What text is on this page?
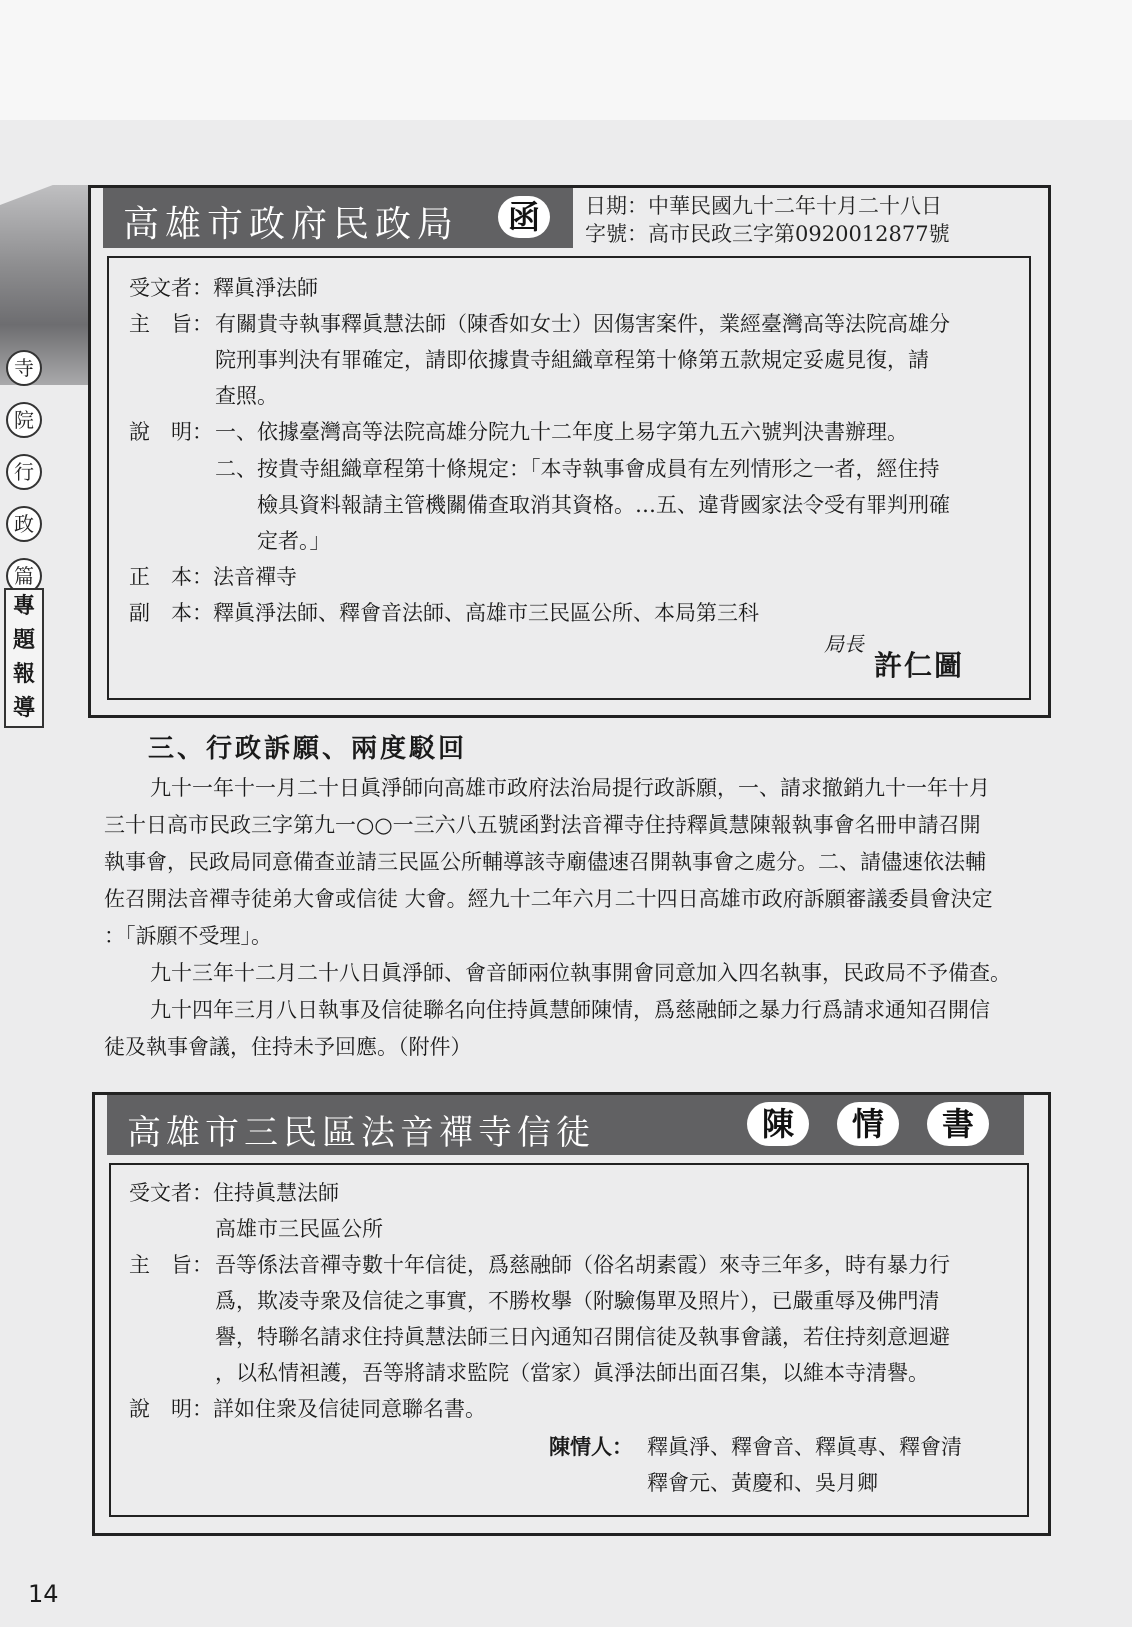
寺
院
行
政
篇
專
題
報
導
高雄市政府民政局	函	日期：中華民國九十二年十月二十八日
字號：高市民政三字第0920012877號
受文者：釋眞淨法師
主　旨： 有關貴寺執事釋眞慧法師（陳香如女士）因傷害案件，業經臺灣高等法院高雄分
院刑事判決有罪確定，請即依據貴寺組織章程第十條第五款規定妥處見復，請
查照。
說　明： 一、依據臺灣高等法院高雄分院九十二年度上易字第九五六號判決書辦理。
二、按貴寺組織章程第十條規定：「本寺執事會成員有左列情形之一者，經住持
檢具資料報請主管機關備查取消其資格。…五、違背國家法令受有罪判刑確
定者。」
正　本：法音禪寺
副　本：釋眞淨法師、釋會音法師、高雄市三民區公所、本局第三科
局長
許仁圖
三、行政訴願、兩度駁回
九十一年十一月二十日眞淨師向高雄市政府法治局提行政訴願，一、請求撤銷九十一年十月
三十日高市民政三字第九一○○一三六八五號函對法音禪寺住持釋眞慧陳報執事會名冊申請召開
執事會，民政局同意備查並請三民區公所輔導該寺廟儘速召開執事會之處分。二、請儘速依法輔
佐召開法音禪寺徒弟大會或信徒 大會。經九十二年六月二十四日高雄市政府訴願審議委員會決定
：「訴願不受理」。
九十三年十二月二十八日眞淨師、會音師兩位執事開會同意加入四名執事，民政局不予備查。
九十四年三月八日執事及信徒聯名向住持眞慧師陳情，爲慈融師之暴力行爲請求通知召開信
徒及執事會議，住持未予回應。（附件）
高雄市三民區法音禪寺信徒	陳	情	書
受文者：住持眞慧法師
高雄市三民區公所
主　旨： 吾等係法音禪寺數十年信徒，爲慈融師（俗名胡素霞）來寺三年多，時有暴力行
爲，欺凌寺衆及信徒之事實，不勝枚擧（附驗傷單及照片），已嚴重辱及佛門清
譽，特聯名請求住持眞慧法師三日內通知召開信徒及執事會議，若住持刻意迴避
，以私情袒護，吾等將請求監院（當家）眞淨法師出面召集，以維本寺清譽。
說　明：詳如住衆及信徒同意聯名書。
陳情人： 釋眞淨、釋會音、釋眞專、釋會清
釋會元、黃慶和、吳月卿
14
